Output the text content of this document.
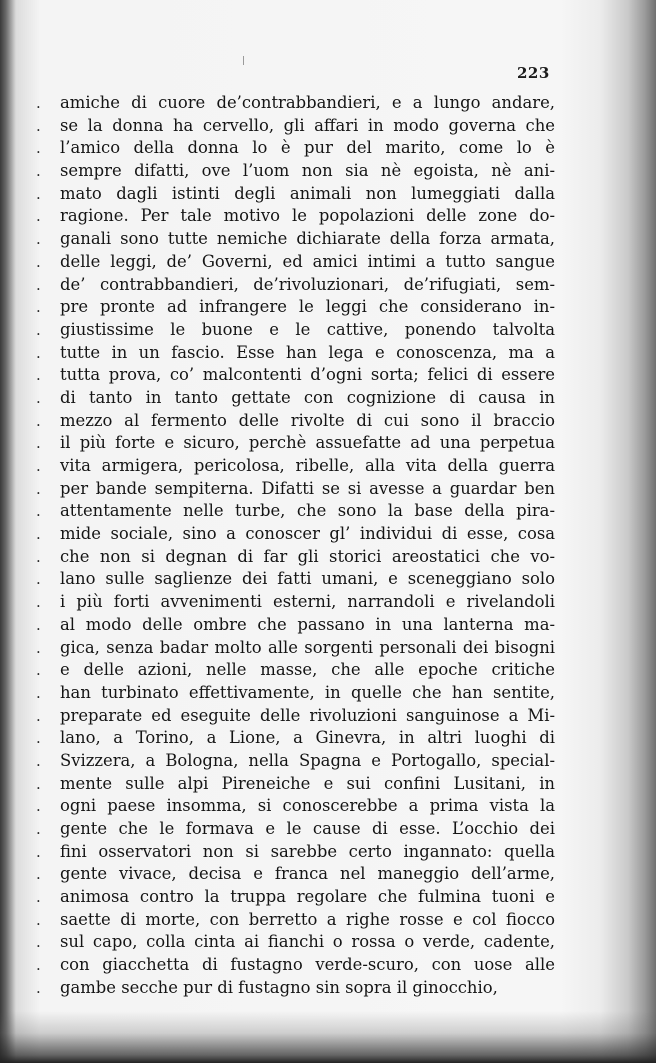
223
. amiche di cuore de’contrabbandieri, e a lungo andare,
. se la donna ha cervello, gli affari in modo governa che
. l’amico della donna lo è pur del marito, come lo è
. sempre difatti, ove l’uom non sia nè egoista, nè ani-
. mato dagli istinti degli animali non lumeggiati dalla
. ragione. Per tale motivo le popolazioni delle zone do-
. ganali sono tutte nemiche dichiarate della forza armata,
. delle leggi, de’ Governi, ed amici intimi a tutto sangue
. de’ contrabbandieri, de’rivoluzionari, de’rifugiati, sem-
. pre pronte ad infrangere le leggi che considerano in-
. giustissime le buone e le cattive, ponendo talvolta
. tutte in un fascio. Esse han lega e conoscenza, ma a
. tutta prova, co’ malcontenti d’ogni sorta; felici di essere
. di tanto in tanto gettate con cognizione di causa in
. mezzo al fermento delle rivolte di cui sono il braccio
. il più forte e sicuro, perchè assuefatte ad una perpetua
. vita armigera, pericolosa, ribelle, alla vita della guerra
. per bande sempiterna. Difatti se si avesse a guardar ben
. attentamente nelle turbe, che sono la base della pira-
. mide sociale, sino a conoscer gl’ individui di esse, cosa
. che non si degnan di far gli storici areostatici che vo-
. lano sulle saglienze dei fatti umani, e sceneggiano solo
. i più forti avvenimenti esterni, narrandoli e rivelandoli
. al modo delle ombre che passano in una lanterna ma-
. gica, senza badar molto alle sorgenti personali dei bisogni
. e delle azioni, nelle masse, che alle epoche critiche
. han turbinato effettivamente, in quelle che han sentite,
. preparate ed eseguite delle rivoluzioni sanguinose a Mi-
. lano, a Torino, a Lione, a Ginevra, in altri luoghi di
. Svizzera, a Bologna, nella Spagna e Portogallo, special-
. mente sulle alpi Pireneiche e sui confini Lusitani, in
. ogni paese insomma, si conoscerebbe a prima vista la
. gente che le formava e le cause di esse. L’occhio dei
. fini osservatori non si sarebbe certo ingannato: quella
. gente vivace, decisa e franca nel maneggio dell’arme,
. animosa contro la truppa regolare che fulmina tuoni e
. saette di morte, con berretto a righe rosse e col fiocco
. sul capo, colla cinta ai fianchi o rossa o verde, cadente,
. con giacchetta di fustagno verde-scuro, con uose alle
. gambe secche pur di fustagno sin sopra il ginocchio,
